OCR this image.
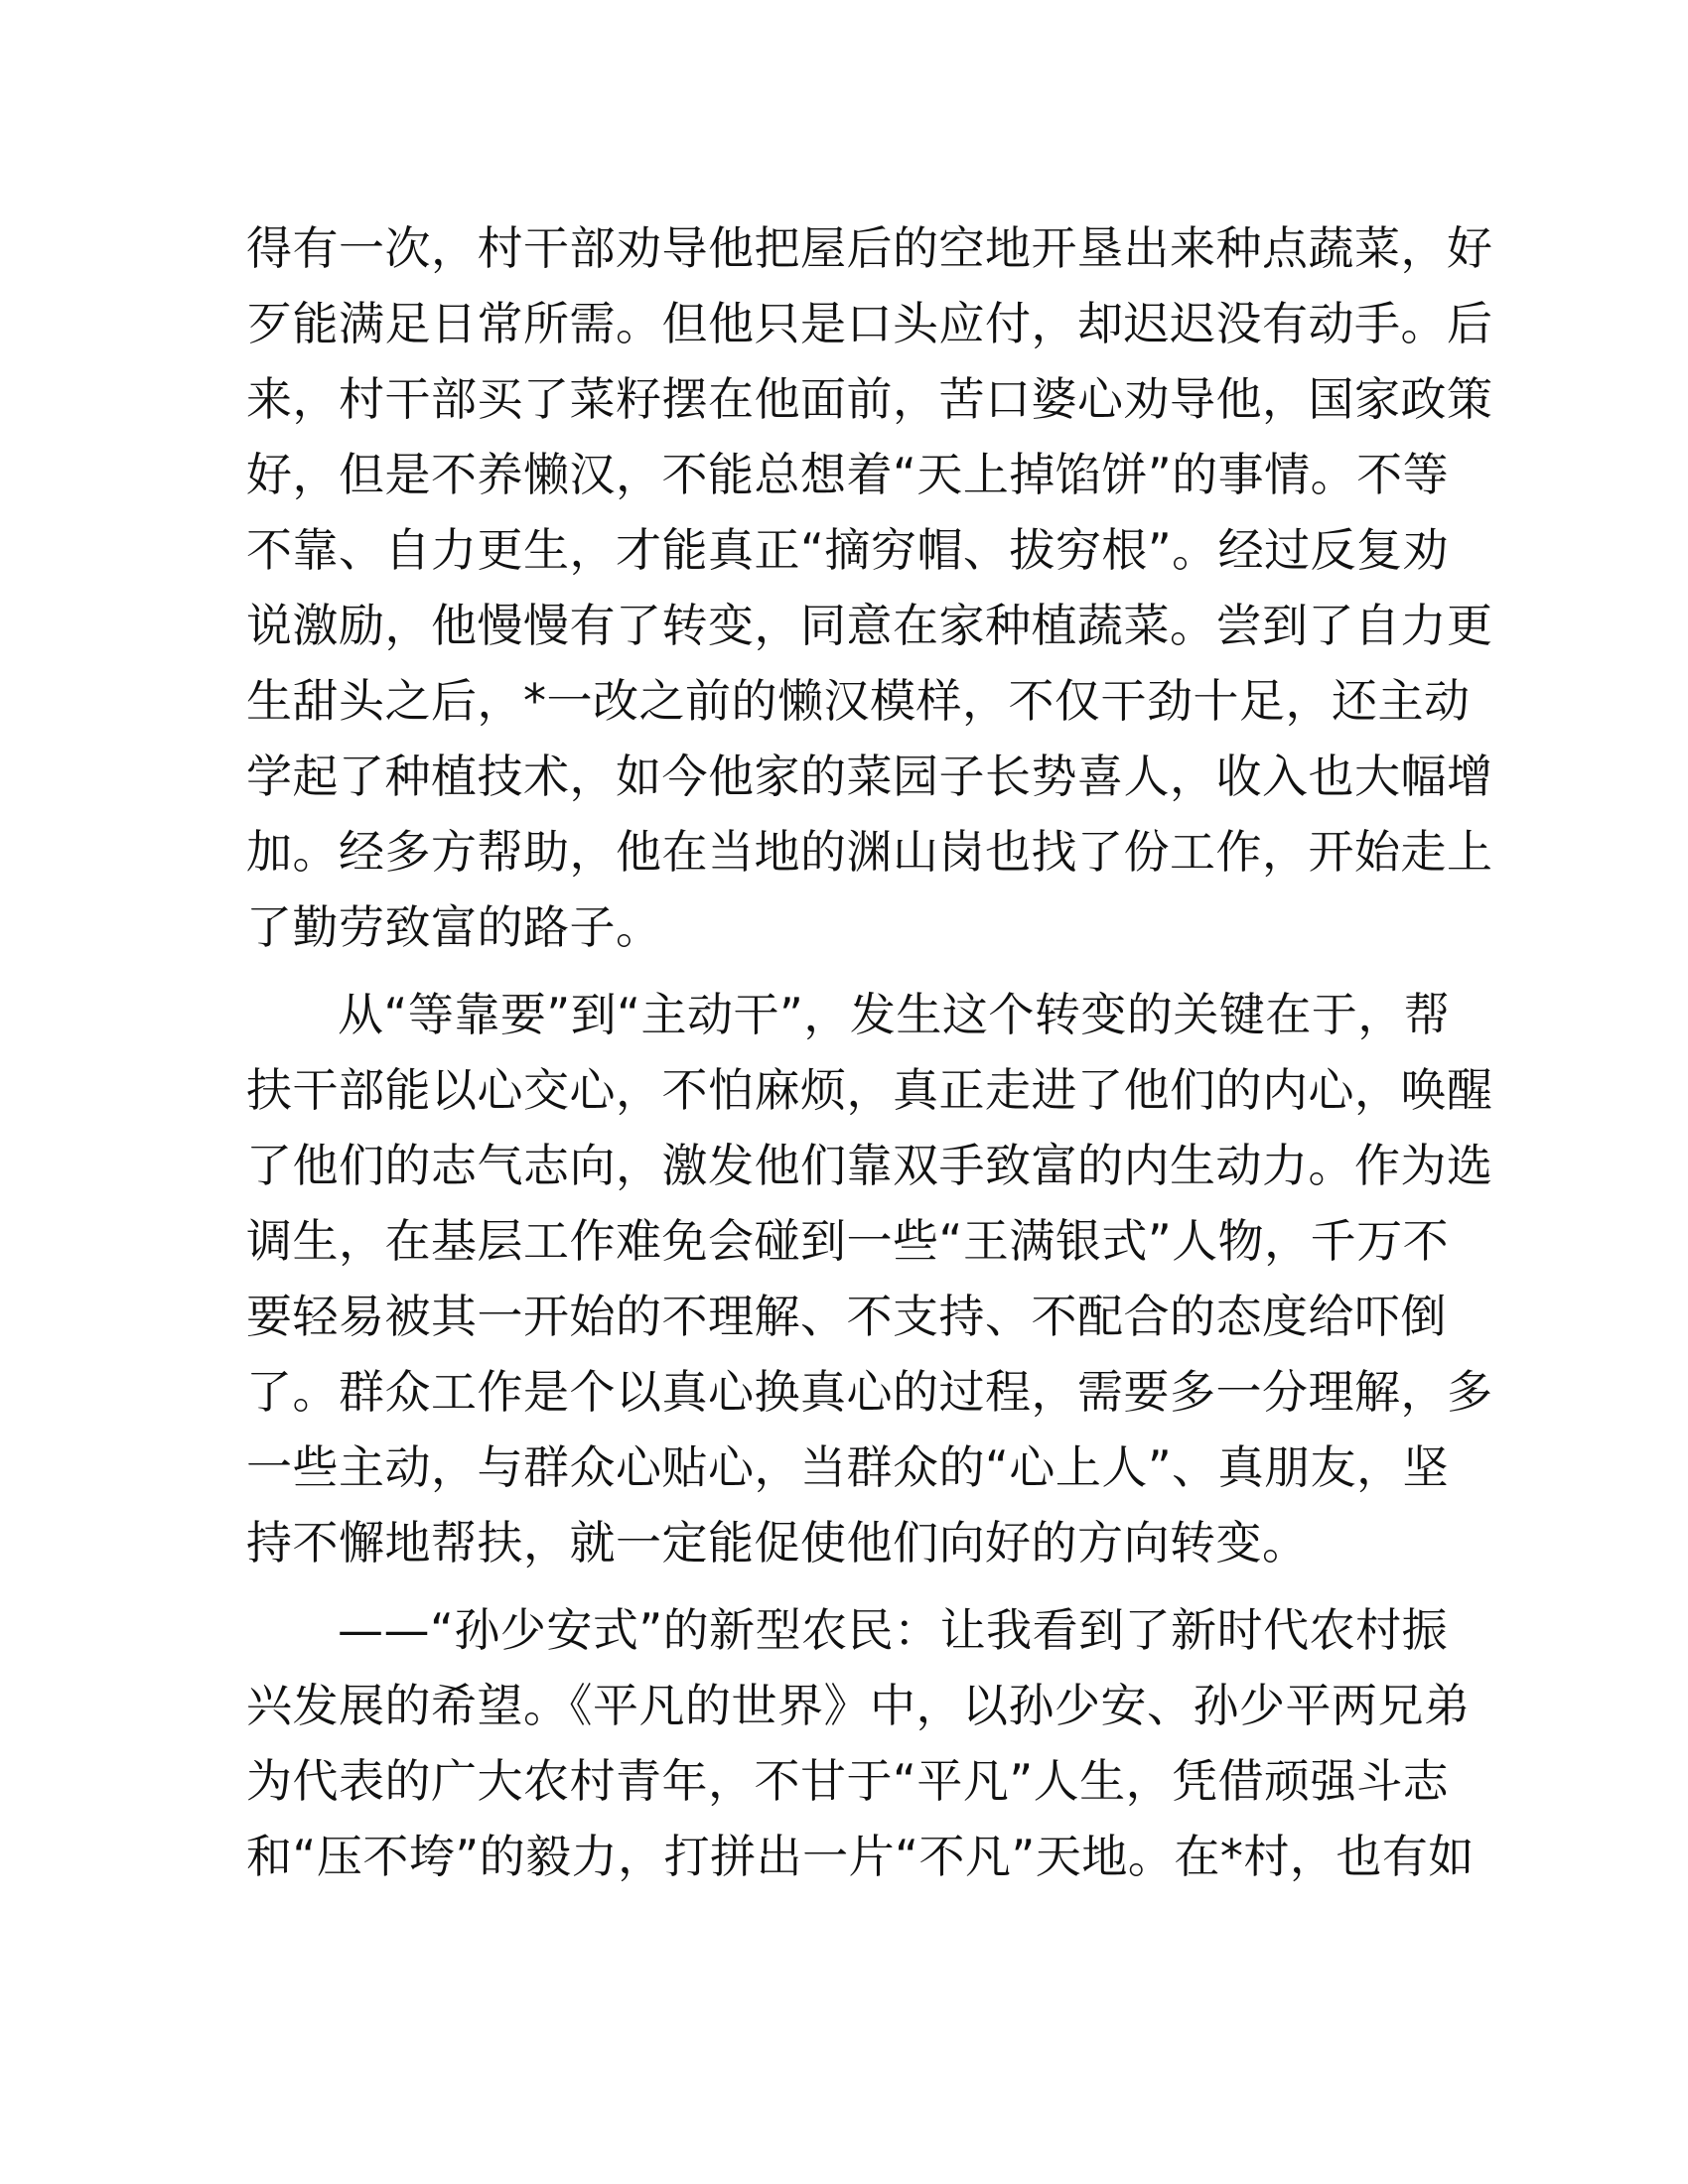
得有一次，村干部劝导他把屋后的空地开垦出来种点蔬菜，好
歹能满足日常所需。但他只是口头应付，却迟迟没有动手。后
来，村干部买了菜籽摆在他面前，苦口婆心劝导他，国家政策
好，但是不养懒汉，不能总想着“天上掉馅饼”的事情。不等
不靠、自力更生，才能真正“摘穷帽、拔穷根”。经过反复劝
说激励，他慢慢有了转变，同意在家种植蔬菜。尝到了自力更
生甜头之后，*一改之前的懒汉模样，不仅干劲十足，还主动
学起了种植技术，如今他家的菜园子长势喜人，收入也大幅增
加。经多方帮助，他在当地的渊山岗也找了份工作，开始走上
了勤劳致富的路子。
从“等靠要”到“主动干”，发生这个转变的关键在于，帮
扶干部能以心交心，不怕麻烦，真正走进了他们的内心，唤醒
了他们的志气志向，激发他们靠双手致富的内生动力。作为选
调生，在基层工作难免会碰到一些“王满银式”人物，千万不
要轻易被其一开始的不理解、不支持、不配合的态度给吓倒
了。群众工作是个以真心换真心的过程，需要多一分理解，多
一些主动，与群众心贴心，当群众的“心上人”、真朋友，坚
持不懈地帮扶，就一定能促使他们向好的方向转变。
——“孙少安式”的新型农民：让我看到了新时代农村振
兴发展的希望。《平凡的世界》中，以孙少安、孙少平两兄弟
为代表的广大农村青年，不甘于“平凡”人生，凭借顽强斗志
和“压不垮”的毅力，打拼出一片“不凡”天地。在*村，也有如
